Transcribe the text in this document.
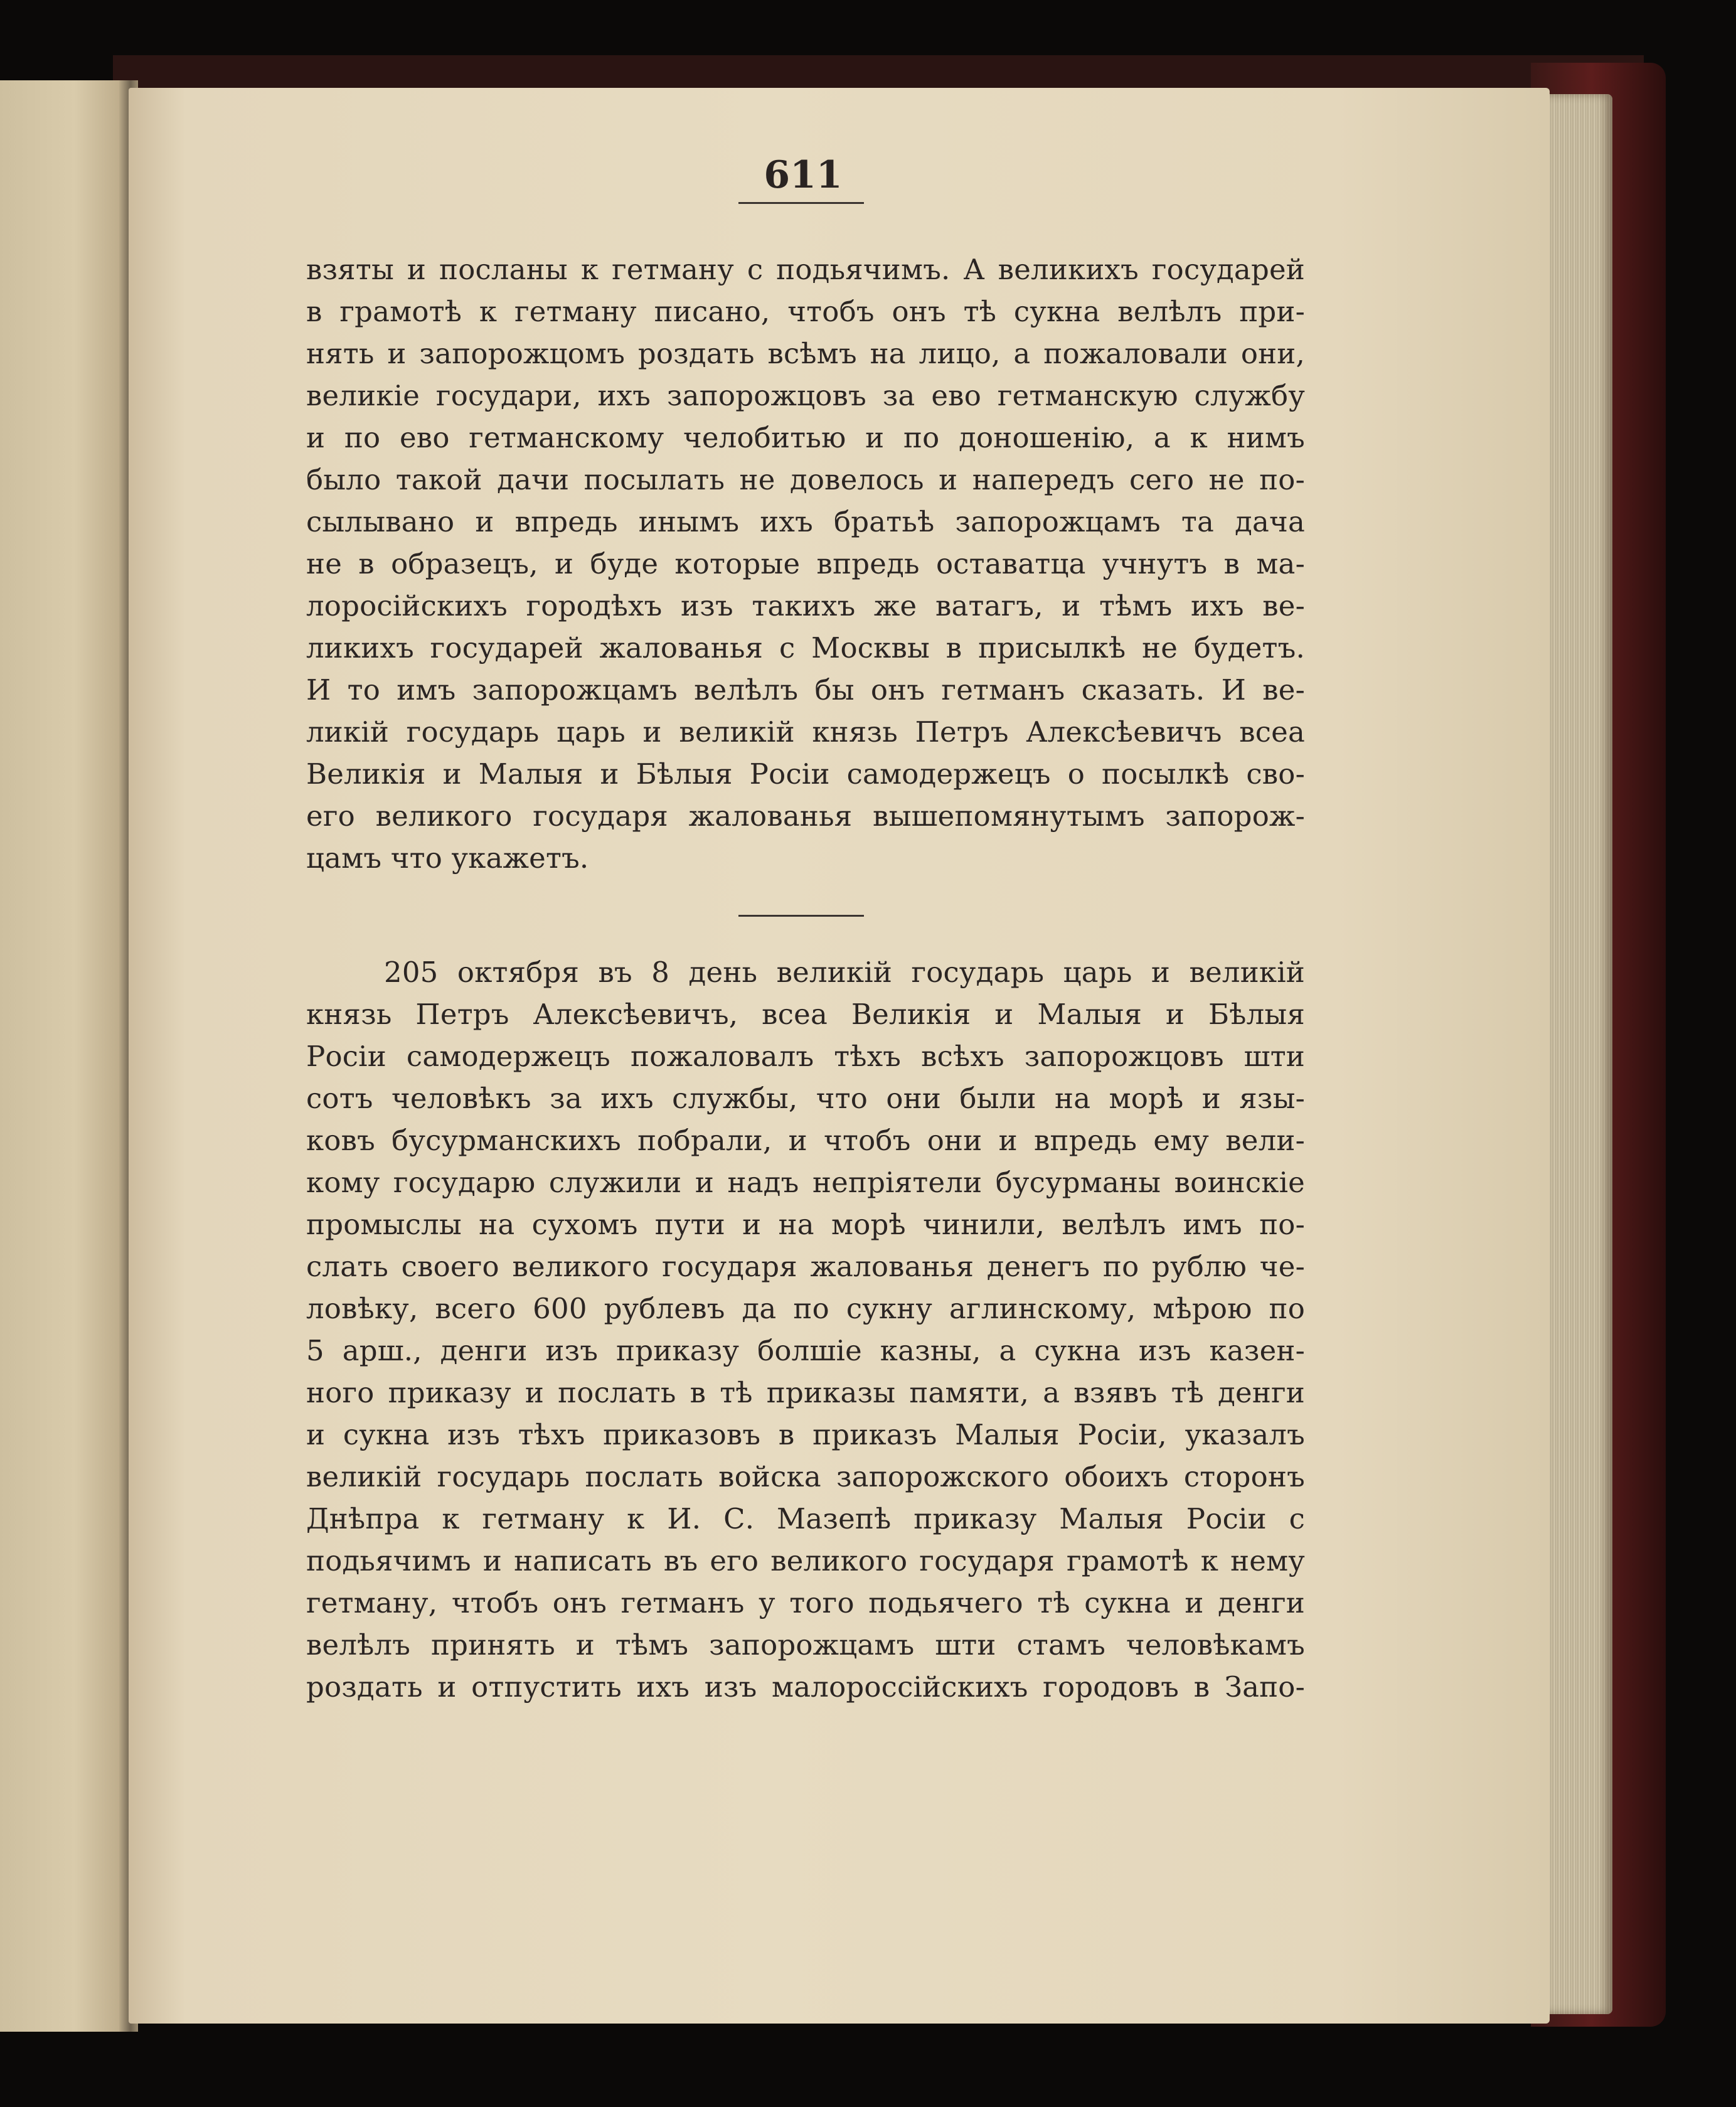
611
взяты и посланы к гетману с подьячимъ. А великихъ государей
в грамотѣ к гетману писано, чтобъ онъ тѣ сукна велѣлъ при-
нять и запорожцомъ роздать всѣмъ на лицо, а пожаловали они,
великіе государи, ихъ запорожцовъ за ево гетманскую службу
и по ево гетманскому челобитью и по доношенію, а к нимъ
было такой дачи посылать не довелось и напередъ сего не по-
сылывано и впредь инымъ ихъ братьѣ запорожцамъ та дача
не в образецъ, и буде которые впредь оставатца учнутъ в ма-
лоросiйскихъ городѣхъ изъ такихъ же ватагъ, и тѣмъ ихъ ве-
ликихъ государей жалованья с Москвы в присылкѣ не будетъ.
И то имъ запорожцамъ велѣлъ бы онъ гетманъ сказать. И ве-
ликій государь царь и великій князь Петръ Алексѣевичъ всеа
Великія и Малыя и Бѣлыя Росіи самодержецъ о посылкѣ сво-
его великого государя жалованья вышепомянутымъ запорож-
цамъ что укажетъ.
205 октября въ 8 день великій государь царь и великій
князь Петръ Алексѣевичъ, всеа Великія и Малыя и Бѣлыя
Росіи самодержецъ пожаловалъ тѣхъ всѣхъ запорожцовъ шти
сотъ человѣкъ за ихъ службы, что они были на морѣ и язы-
ковъ бусурманскихъ побрали, и чтобъ они и впредь ему вели-
кому государю служили и надъ непріятели бусурманы воинскіе
промыслы на сухомъ пути и на морѣ чинили, велѣлъ имъ по-
слать своего великого государя жалованья денегъ по рублю че-
ловѣку, всего 600 рублевъ да по сукну аглинскому, мѣрою по
5 арш., денги изъ приказу болшіе казны, а сукна изъ казен-
ного приказу и послать в тѣ приказы памяти, а взявъ тѣ денги
и сукна изъ тѣхъ приказовъ в приказъ Малыя Росіи, указалъ
великій государь послать войска запорожского обоихъ сторонъ
Днѣпра к гетману к И. С. Мазепѣ приказу Малыя Росіи с
подьячимъ и написать въ его великого государя грамотѣ к нему
гетману, чтобъ онъ гетманъ у того подьячего тѣ сукна и денги
велѣлъ принять и тѣмъ запорожцамъ шти стамъ человѣкамъ
роздать и отпустить ихъ изъ малороссійскихъ городовъ в Запо-
